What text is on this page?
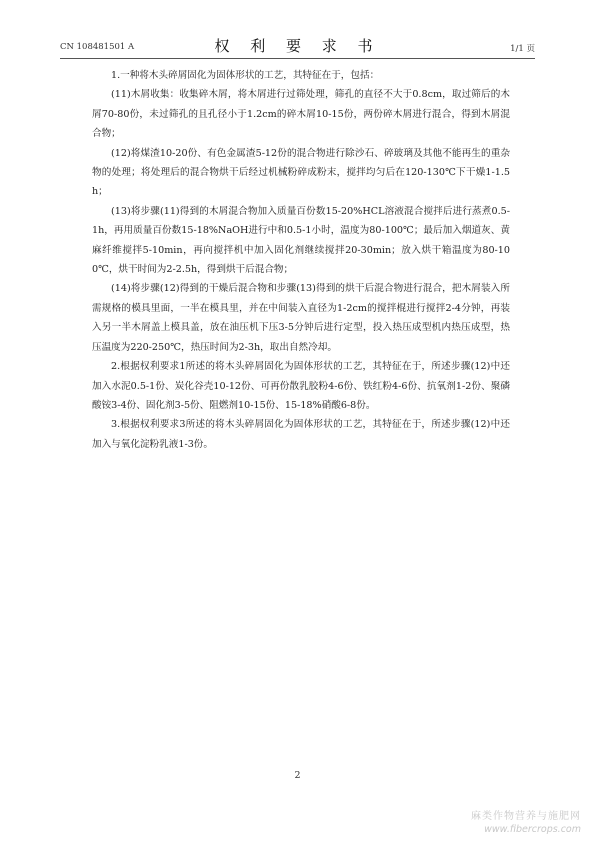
CN 108481501 A	权 利 要 求 书	1/1 页

1.一种将木头碎屑固化为固体形状的工艺，其特征在于，包括：

(11)木屑收集：收集碎木屑，将木屑进行过筛处理，筛孔的直径不大于0.8cm，取过筛后的木屑70-80份，未过筛孔的且孔径小于1.2cm的碎木屑10-15份，两份碎木屑进行混合，得到木屑混合物；

(12)将煤渣10-20份、有色金属渣5-12份的混合物进行除沙石、碎玻璃及其他不能再生的重杂物的处理；将处理后的混合物烘干后经过机械粉碎成粉末，搅拌均匀后在120-130℃下干燥1-1.5h；

(13)将步骤(11)得到的木屑混合物加入质量百份数15-20%HCL溶液混合搅拌后进行蒸煮0.5-1h，再用质量百份数15-18%NaOH进行中和0.5-1小时，温度为80-100℃；最后加入烟道灰、黄麻纤维搅拌5-10min，再向搅拌机中加入固化剂继续搅拌20-30min；放入烘干箱温度为80-100℃，烘干时间为2-2.5h，得到烘干后混合物；

(14)将步骤(12)得到的干燥后混合物和步骤(13)得到的烘干后混合物进行混合，把木屑装入所需规格的模具里面，一半在模具里，并在中间装入直径为1-2cm的搅拌棍进行搅拌2-4分钟，再装入另一半木屑盖上模具盖，放在油压机下压3-5分钟后进行定型，投入热压成型机内热压成型，热压温度为220-250℃，热压时间为2-3h，取出自然冷却。

2.根据权利要求1所述的将木头碎屑固化为固体形状的工艺，其特征在于，所述步骤(12)中还加入水泥0.5-1份、炭化谷壳10-12份、可再份散乳胶粉4-6份、铁红粉4-6份、抗氧剂1-2份、聚磷酸铵3-4份、固化剂3-5份、阻燃剂10-15份、15-18%硝酸6-8份。

3.根据权利要求3所述的将木头碎屑固化为固体形状的工艺，其特征在于，所述步骤(12)中还加入与氧化淀粉乳液1-3份。

2
麻类作物营养与施肥网
www.fibercrops.com
